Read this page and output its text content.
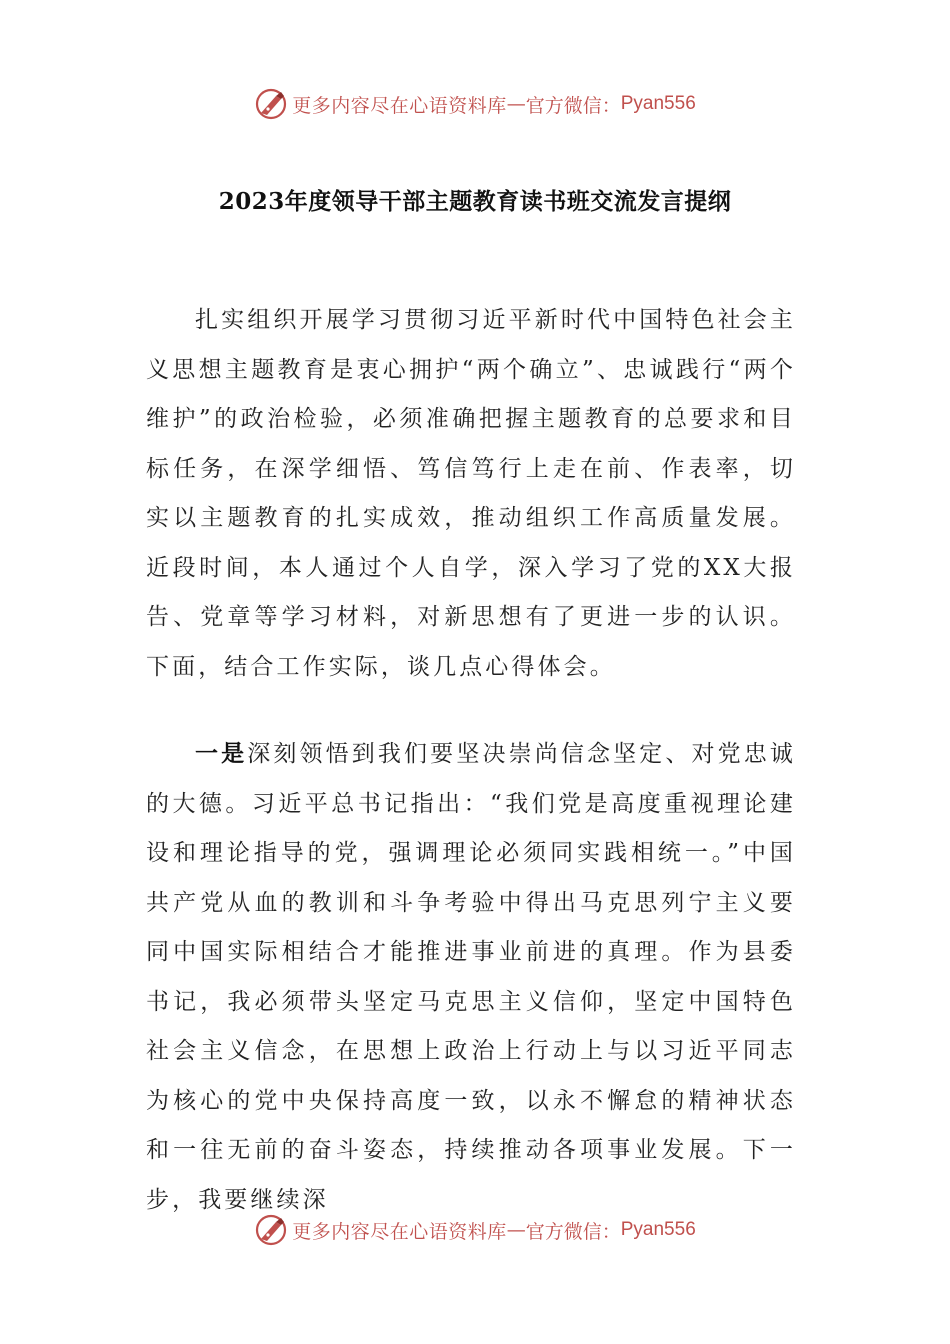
更多内容尽在心语资料库 — 官方微信： Pyan556
2023年度领导干部主题教育读书班交流发言提纲

扎实组织开展学习贯彻习近平新时代中国特色社会主义思想主题教育是衷心拥护“两个确立”、忠诚践行“两个维护”的政治检验，必须准确把握主题教育的总要求和目标任务，在深学细悟、笃信笃行上走在前、作表率，切实以主题教育的扎实成效，推动组织工作高质量发展。近段时间，本人通过个人自学，深入学习了党的XX大报告、党章等学习材料，对新思想有了更进一步的认识。下面，结合工作实际，谈几点心得体会。

一是深刻领悟到我们要坚决崇尚信念坚定、对党忠诚的大德。习近平总书记指出：“我们党是高度重视理论建设和理论指导的党，强调理论必须同实践相统一。”中国共产党从血的教训和斗争考验中得出马克思列宁主义要同中国实际相结合才能推进事业前进的真理。作为县委书记，我必须带头坚定马克思主义信仰，坚定中国特色社会主义信念，在思想上政治上行动上与以习近平同志为核心的党中央保持高度一致，以永不懈怠的精神状态和一往无前的奋斗姿态，持续推动各项事业发展。下一步，我要继续深

更多内容尽在心语资料库 — 官方微信： Pyan556
